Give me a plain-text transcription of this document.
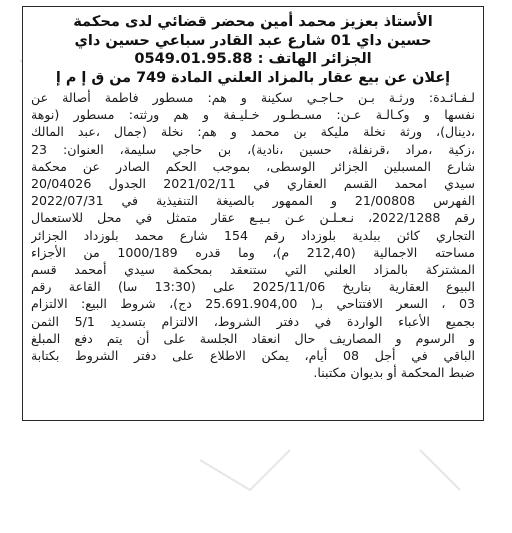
الأستاذ بعزيز محمد أمين محضر قضائي لدى محكمة
حسين داي 01 شارع عبد القادر سباعي حسين داي
الجزائر الهاتف : 0549.01.95.88
إعلان عن بيع عقار بالمزاد العلني المادة 749 من ق إ م إ
لـفـائـدة: ورثـة بـن حـاجـي سكينة و هم: مسطور فاطمة أصالة عن
نفسها و وكـالـة عـن: مسـطـور خـليـفة و هم ورثته: مسطور (نوهة
،دينال)، ورثة نخلة مليكة بن محمد و هم: نخلة (جمال ،عبد المالك
،زكية ،مراد ،قرنفلة، حسين ،نادية)، بن حاجي سليمة، العنوان: 23
شارع المسبلين الجزائر الوسطى، بموجب الحكم الصادر عن محكمة
سيدي امحمد القسم العقاري في 2021/02/11 الجدول 20/04026
الفهرس 21/00808 و الممهور بالصيغة التنفيذية في 2022/07/31
رقم 2022/1288، نـعـلـن عـن بـيـع عقار متمثل في محل للاستعمال
التجاري كائن ببلدية بلوزداد رقم 154 شارع محمد بلوزداد الجزائر
مساحته الاجمالية (212,40 م)، وما قدره 1000/189 من الأجزاء
المشتركة بالمزاد العلني التي ستنعقد بمحكمة سيدي أمحمد قسم
البيوع العقارية بتاريخ 2025/11/06 على (13:30 سا) القاعة رقم
03 ، السعر الافتتاحي بـ( 25.691.904,00 دج)، شروط البيع: الالتزام
بجميع الأعباء الواردة في دفتر الشروط، الالتزام بتسديد 5/1 الثمن
و الرسوم و المصاريف حال انعقاد الجلسة على أن يتم دفع المبلغ
الباقي في أجل 08 أيام، يمكن الاطلاع على دفتر الشروط بكتابة
ضبط المحكمة أو بديوان مكتبنا.
